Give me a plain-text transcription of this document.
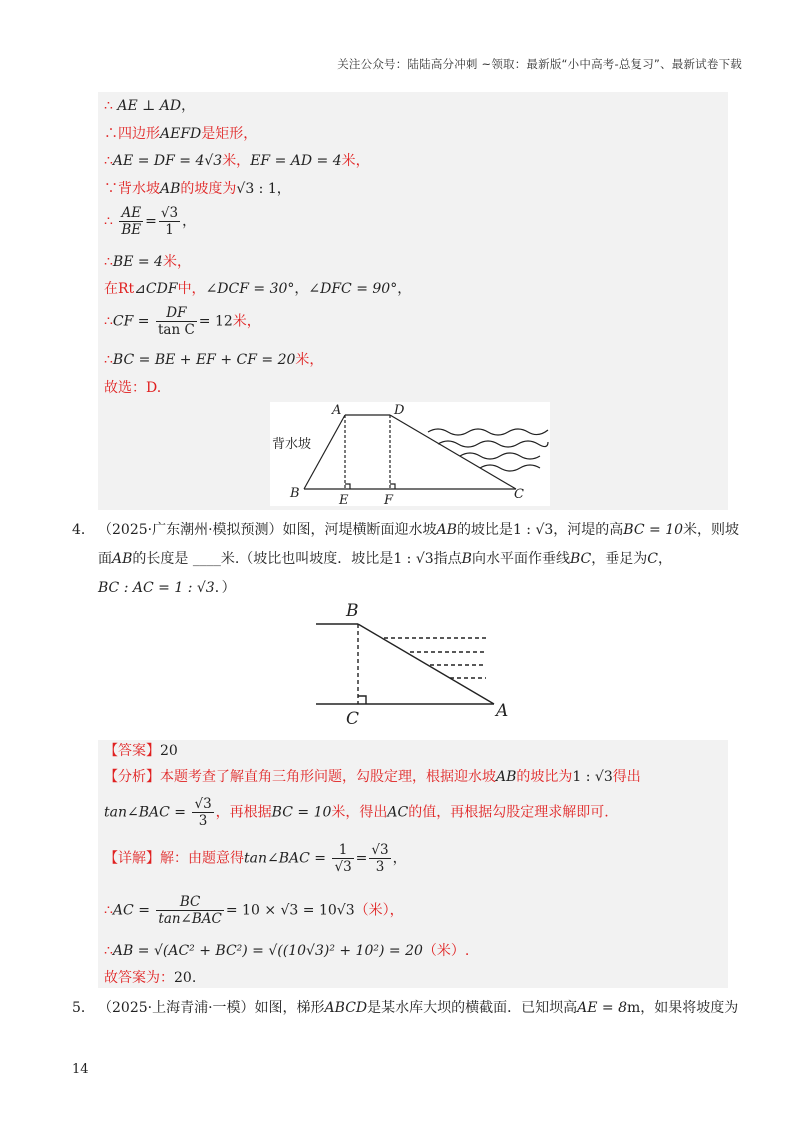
关注公众号：陆陆高分冲刺 ~领取：最新版“小中高考-总复习”、最新试卷下载
∴ AE ⊥ AD，
∴四边形AEFD是矩形，
∴AE = DF = 4√3米，EF = AD = 4米，
∵背水坡AB的坡度为√3 : 1，
∴ $\frac{AE}{BE} = \frac{√3}{1}$ ，
∴BE = 4米，
在Rt⊿CDF中，∠DCF = 30°，∠DFC = 90°，
∴CF = $\frac{DF}{\text{tan C}} = 12$米，
∴BC = BE + EF + CF = 20米，
故选：D.
A	D
B	E	F	C
背水坡
4． （2025·广东潮州·模拟预测）如图，河堤横断面迎水坡AB的坡比是1 : √3，河堤的高BC = 10米，则坡
面AB的长度是 ____米.（坡比也叫坡度．坡比是1 : √3指点B向水平面作垂线BC，垂足为C，
BC : AC = 1 : √3．）
B
C	A
【答案】20
【分析】本题考查了解直角三角形问题，勾股定理，根据迎水坡AB的坡比为1 : √3得出
tan∠BAC = $\frac{√3}{3}$ ，再根据BC = 10米，得出AC的值，再根据勾股定理求解即可.
【详解】解：由题意得tan∠BAC = $\frac{1}{√3} = \frac{√3}{3}$ ，
∴AC = $\frac{BC}{\text{tan∠BAC}} = 10 \times √3 = 10√3$（米），
∴AB = √(AC² + BC²) = √((10√3)² + 10²) = 20（米）.
故答案为：20.
5． （2025·上海青浦·一模）如图，梯形ABCD是某水库大坝的横截面．已知坝高AE = 8m，如果将坡度为
14
